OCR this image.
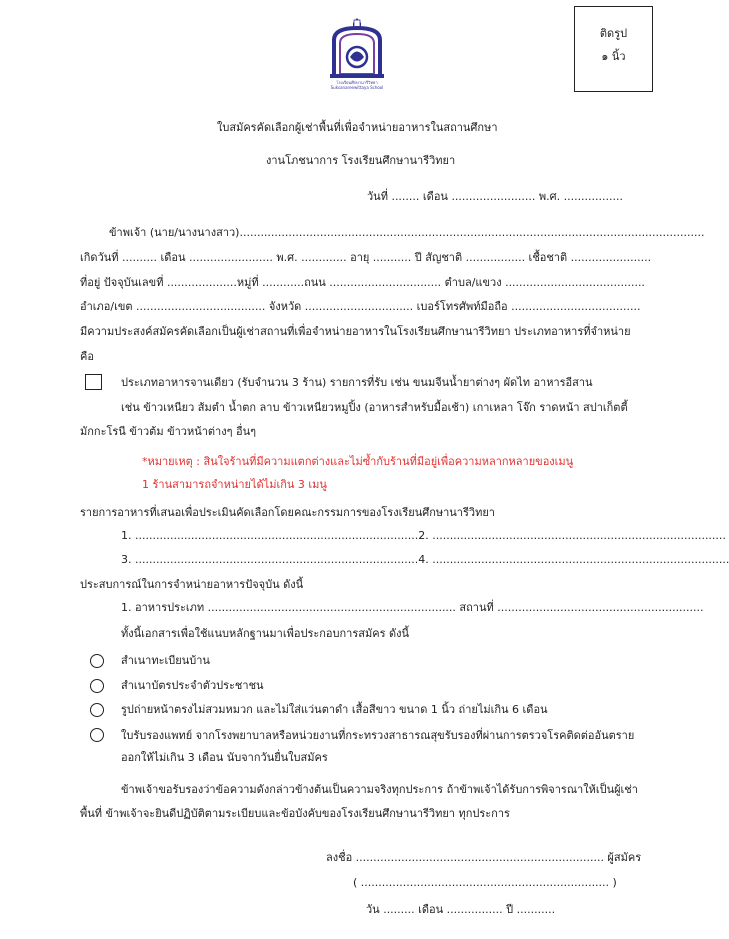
ติดรูป
๑ นิ้ว
โรงเรียนศึกษานารีวิทยา
Suksanareewittaya School

ใบสมัครคัดเลือกผู้เช่าพื้นที่เพื่อจำหน่ายอาหารในสถานศึกษา

งานโภชนาการ โรงเรียนศึกษานารีวิทยา

วันที่ ........ เดือน ........................ พ.ศ. .................

ข้าพเจ้า (นาย/นางนางสาว).....................................................................................................................................

เกิดวันที่ .......... เดือน ........................ พ.ศ. ............. อายุ ........... ปี สัญชาติ ................. เชื้อชาติ .......................

ที่อยู่ ปัจจุบันเลขที่ ....................หมู่ที่ ............ถนน ................................ ตำบล/แขวง ........................................

อำเภอ/เขต ..................................... จังหวัด ............................... เบอร์โทรศัพท์มือถือ .....................................

มีความประสงค์สมัครคัดเลือกเป็นผู้เช่าสถานที่เพื่อจำหน่ายอาหารในโรงเรียนศึกษานารีวิทยา ประเภทอาหารที่จำหน่าย

คือ

ประเภทอาหารจานเดียว (รับจำนวน 3 ร้าน) รายการที่รับ เช่น ขนมจีนน้ำยาต่างๆ ผัดไท อาหารอีสาน

เช่น ข้าวเหนียว ส้มตำ น้ำตก ลาบ ข้าวเหนียวหมูปิ้ง (อาหารสำหรับมื้อเช้า) เกาเหลา โจ๊ก ราดหน้า สปาเก็ตตี้

มักกะโรนี ข้าวต้ม ข้าวหน้าต่างๆ อื่นๆ

*หมายเหตุ : สินใจร้านที่มีความแตกต่างและไม่ซ้ำกับร้านที่มีอยู่เพื่อความหลากหลายของเมนู

1 ร้านสามารถจำหน่ายได้ไม่เกิน 3 เมนู

รายการอาหารที่เสนอเพื่อประเมินคัดเลือกโดยคณะกรรมการของโรงเรียนศึกษานารีวิทยา

1. .................................................................................2. ....................................................................................

3. .................................................................................4. .....................................................................................

ประสบการณ์ในการจำหน่ายอาหารปัจจุบัน ดังนี้

1. อาหารประเภท ....................................................................... สถานที่ ...........................................................

ทั้งนี้เอกสารเพื่อใช้แนบหลักฐานมาเพื่อประกอบการสมัคร ดังนี้

สำเนาทะเบียนบ้าน

สำเนาบัตรประจำตัวประชาชน

รูปถ่ายหน้าตรงไม่สวมหมวก และไม่ใส่แว่นตาดำ เสื้อสีขาว ขนาด 1 นิ้ว ถ่ายไม่เกิน 6 เดือน

ใบรับรองแพทย์ จากโรงพยาบาลหรือหน่วยงานที่กระทรวงสาธารณสุขรับรองที่ผ่านการตรวจโรคติดต่ออันตราย

ออกให้ไม่เกิน 3 เดือน นับจากวันยื่นใบสมัคร

ข้าพเจ้าขอรับรองว่าข้อความดังกล่าวข้างต้นเป็นความจริงทุกประการ ถ้าข้าพเจ้าได้รับการพิจารณาให้เป็นผู้เช่า

พื้นที่ ข้าพเจ้าจะยินดีปฏิบัติตามระเบียบและข้อบังคับของโรงเรียนศึกษานารีวิทยา ทุกประการ

ลงชื่อ ....................................................................... ผู้สมัคร

( ....................................................................... )

วัน ......... เดือน ................ ปี ...........
